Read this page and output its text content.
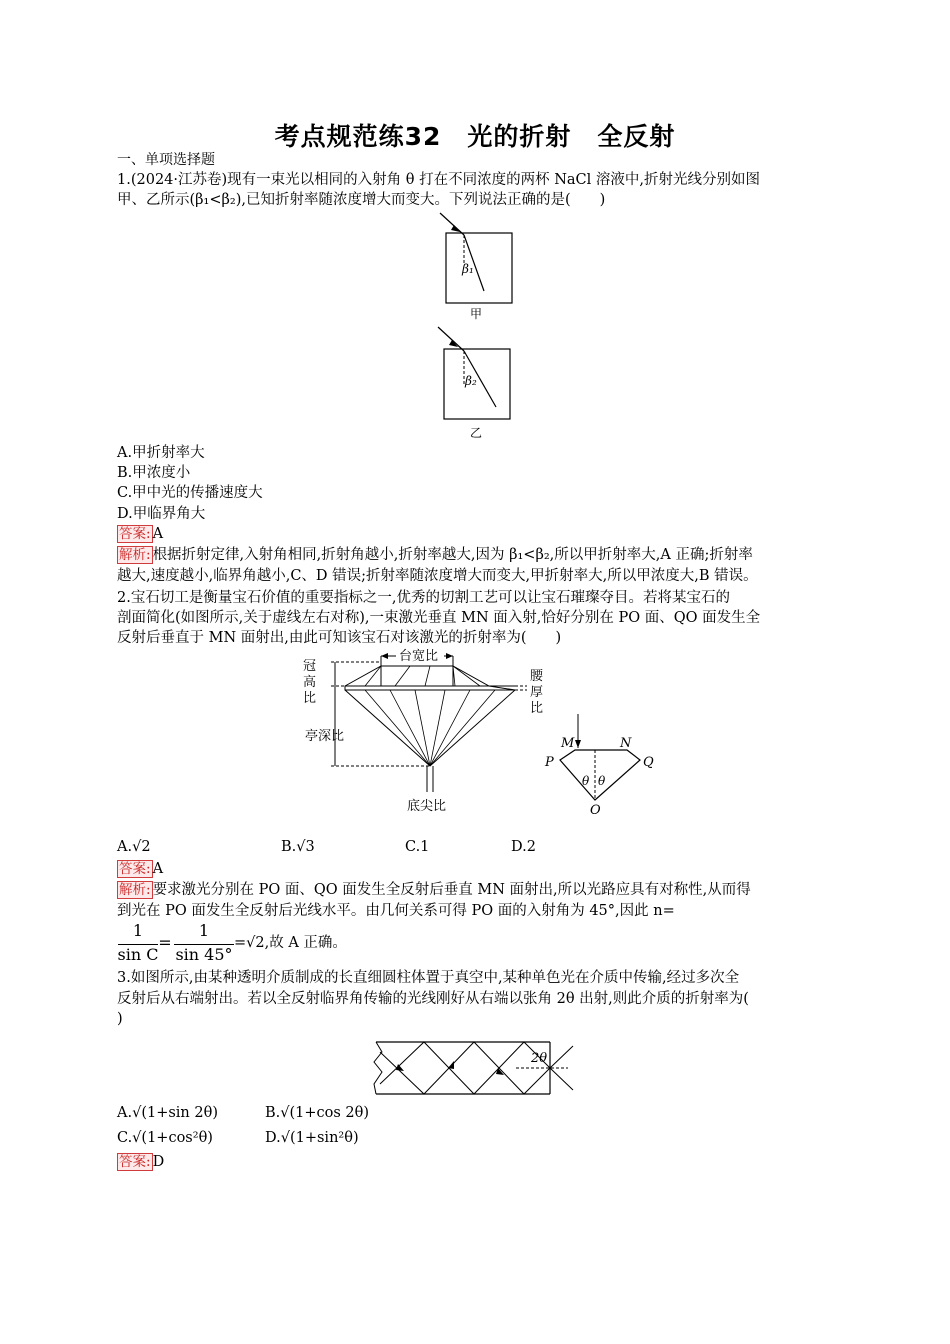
考点规范练32　光的折射　全反射
一、单项选择题
1.(2024·江苏卷)现有一束光以相同的入射角 θ 打在不同浓度的两杯 NaCl 溶液中,折射光线分别如图
甲、乙所示(β₁<β₂),已知折射率随浓度增大而变大。下列说法正确的是(　　)
β₁
甲
β₂
乙
A.甲折射率大
B.甲浓度小
C.甲中光的传播速度大
D.甲临界角大
答案: A
解析: 根据折射定律,入射角相同,折射角越小,折射率越大,因为 β₁<β₂,所以甲折射率大,A 正确;折射率
越大,速度越小,临界角越小,C、D 错误;折射率随浓度增大而变大,甲折射率大,所以甲浓度大,B 错误。
2.宝石切工是衡量宝石价值的重要指标之一,优秀的切割工艺可以让宝石璀璨夺目。若将某宝石的
剖面简化(如图所示,关于虚线左右对称),一束激光垂直 MN 面入射,恰好分别在 PO 面、QO 面发生全
反射后垂直于 MN 面射出,由此可知该宝石对该激光的折射率为(　　)
台宽比
冠
高
比
亭深比
腰
厚
比
底尖比
M	N
P	Q
O
θ θ
A.√2	B.√3	C.1	D.2
答案: A
解析: 要求激光分别在 PO 面、QO 面发生全反射后垂直 MN 面射出,所以光路应具有对称性,从而得
到光在 PO 面发生全反射后光线水平。由几何关系可得 PO 面的入射角为 45°,因此 n=
1
sin C
=
1
sin 45°
=√2,故 A 正确。
3.如图所示,由某种透明介质制成的长直细圆柱体置于真空中,某种单色光在介质中传输,经过多次全
反射后从右端射出。若以全反射临界角传输的光线刚好从右端以张角 2θ 出射,则此介质的折射率为(
)
2θ
A.√(1+sin 2θ)	B.√(1+cos 2θ)
C.√(1+cos²θ)	D.√(1+sin²θ)
答案: D
